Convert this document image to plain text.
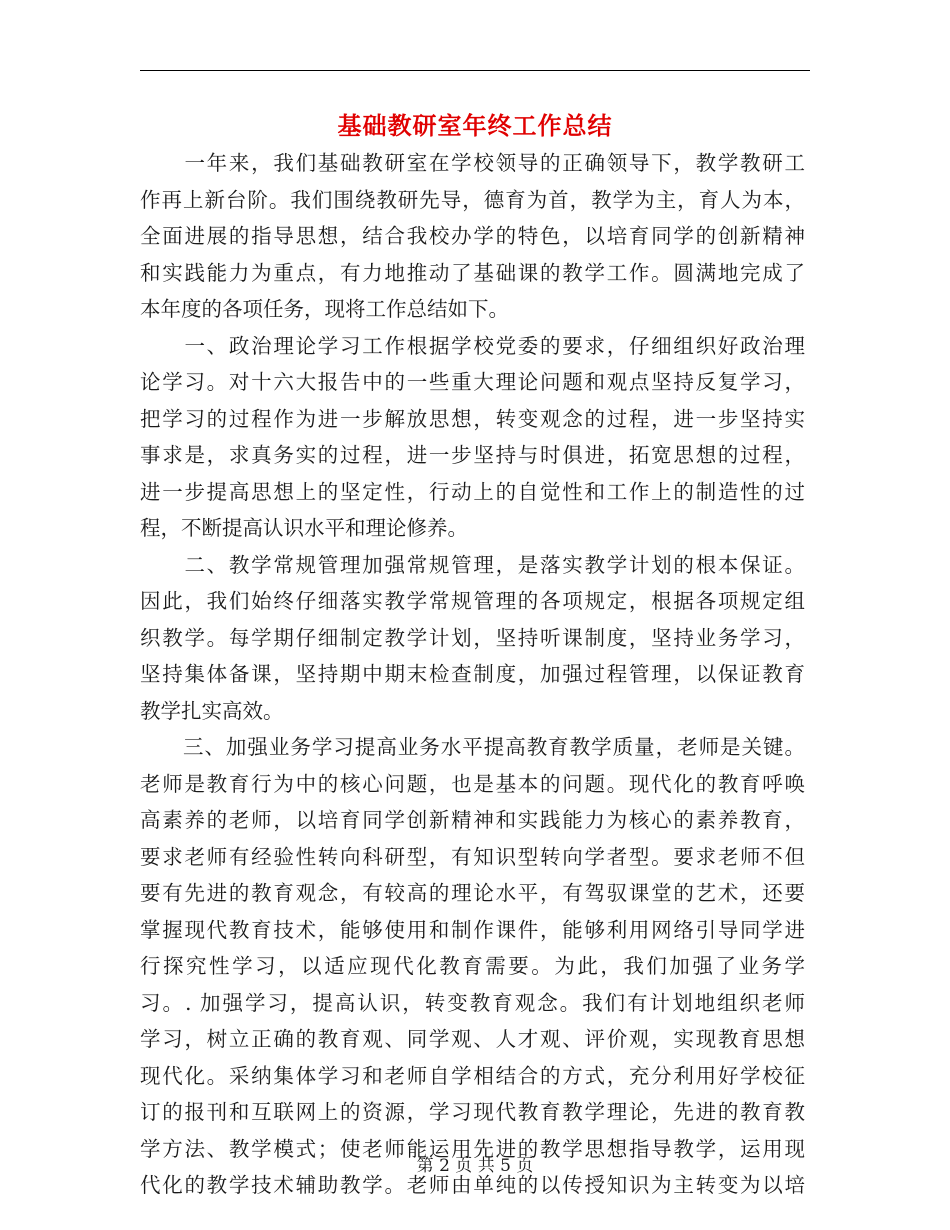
基础教研室年终工作总结
　　一年来，我们基础教研室在学校领导的正确领导下，教学教研工
作再上新台阶。我们围绕教研先导，德育为首，教学为主，育人为本，
全面进展的指导思想，结合我校办学的特色，以培育同学的创新精神
和实践能力为重点，有力地推动了基础课的教学工作。圆满地完成了
本年度的各项任务，现将工作总结如下。
　　一、政治理论学习工作根据学校党委的要求，仔细组织好政治理
论学习。对十六大报告中的一些重大理论问题和观点坚持反复学习，
把学习的过程作为进一步解放思想，转变观念的过程，进一步坚持实
事求是，求真务实的过程，进一步坚持与时俱进，拓宽思想的过程，
进一步提高思想上的坚定性，行动上的自觉性和工作上的制造性的过
程，不断提高认识水平和理论修养。
　　二、教学常规管理加强常规管理，是落实教学计划的根本保证。
因此，我们始终仔细落实教学常规管理的各项规定，根据各项规定组
织教学。每学期仔细制定教学计划，坚持听课制度，坚持业务学习，
坚持集体备课，坚持期中期末检查制度，加强过程管理，以保证教育
教学扎实高效。
　　三、加强业务学习提高业务水平提高教育教学质量，老师是关键。
老师是教育行为中的核心问题，也是基本的问题。现代化的教育呼唤
高素养的老师，以培育同学创新精神和实践能力为核心的素养教育，
要求老师有经验性转向科研型，有知识型转向学者型。要求老师不但
要有先进的教育观念，有较高的理论水平，有驾驭课堂的艺术，还要
掌握现代教育技术，能够使用和制作课件，能够利用网络引导同学进
行探究性学习，以适应现代化教育需要。为此，我们加强了业务学
习。. 加强学习，提高认识，转变教育观念。我们有计划地组织老师
学习，树立正确的教育观、同学观、人才观、评价观，实现教育思想
现代化。采纳集体学习和老师自学相结合的方式，充分利用好学校征
订的报刊和互联网上的资源，学习现代教育教学理论，先进的教育教
学方法、教学模式；使老师能运用先进的教学思想指导教学，运用现
代化的教学技术辅助教学。老师由单纯的以传授知识为主转变为以培
第 2 页 共 5 页
